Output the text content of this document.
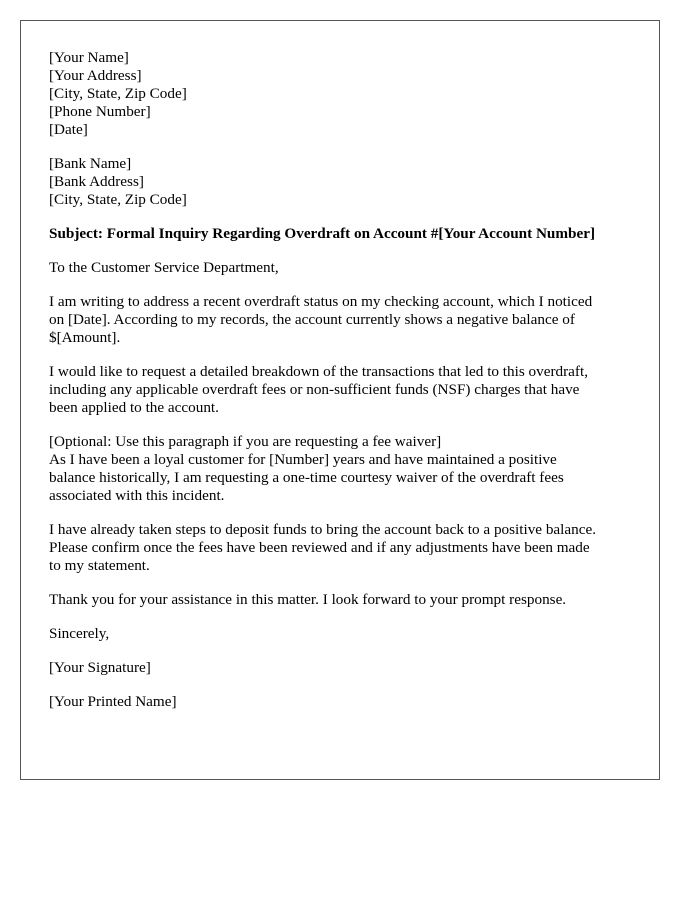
[Your Name]
[Your Address]
[City, State, Zip Code]
[Phone Number]
[Date]
[Bank Name]
[Bank Address]
[City, State, Zip Code]
Subject: Formal Inquiry Regarding Overdraft on Account #[Your Account Number]
To the Customer Service Department,
I am writing to address a recent overdraft status on my checking account, which I noticed
on [Date]. According to my records, the account currently shows a negative balance of
$[Amount].
I would like to request a detailed breakdown of the transactions that led to this overdraft,
including any applicable overdraft fees or non-sufficient funds (NSF) charges that have
been applied to the account.
[Optional: Use this paragraph if you are requesting a fee waiver]
As I have been a loyal customer for [Number] years and have maintained a positive
balance historically, I am requesting a one-time courtesy waiver of the overdraft fees
associated with this incident.
I have already taken steps to deposit funds to bring the account back to a positive balance.
Please confirm once the fees have been reviewed and if any adjustments have been made
to my statement.
Thank you for your assistance in this matter. I look forward to your prompt response.
Sincerely,
[Your Signature]
[Your Printed Name]
